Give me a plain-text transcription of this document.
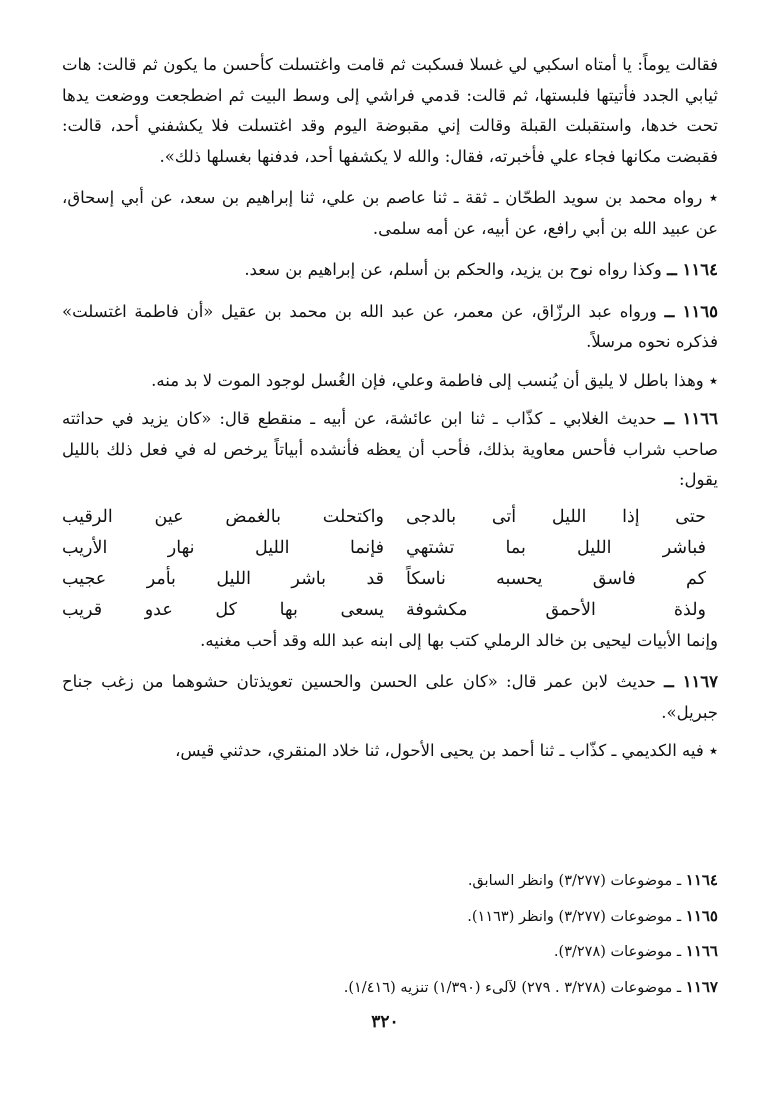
فقالت يوماً: يا أمتاه اسكبي لي غسلا فسكبت ثم قامت واغتسلت كأحسن ما يكون ثم قالت: هات ثيابي الجدد فأتيتها فلبستها، ثم قالت: قدمي فراشي إلى وسط البيت ثم اضطجعت ووضعت يدها تحت خدها، واستقبلت القبلة وقالت إني مقبوضة اليوم وقد اغتسلت فلا يكشفني أحد، قالت: فقبضت مكانها فجاء علي فأخبرته، فقال: والله لا يكشفها أحد، فدفنها بغسلها ذلك».

٭ رواه محمد بن سويد الطحّان ـ ثقة ـ ثنا عاصم بن علي، ثنا إبراهيم بن سعد، عن أبي إسحاق، عن عبيد الله بن أبي رافع، عن أبيه، عن أمه سلمى.

١١٦٤ ــ وكذا رواه نوح بن يزيد، والحكم بن أسلم، عن إبراهيم بن سعد.

١١٦٥ ــ ورواه عبد الرزّاق، عن معمر، عن عبد الله بن محمد بن عقيل «أن فاطمة اغتسلت» فذكره نحوه مرسلاً.

٭ وهذا باطل لا يليق أن يُنسب إلى فاطمة وعلي، فإن الغُسل لوجود الموت لا بد منه.

١١٦٦ ــ حديث الغلابي ـ كذّاب ـ ثنا ابن عائشة، عن أبيه ـ منقطع قال: «كان يزيد في حداثته صاحب شراب فأحس معاوية بذلك، فأحب أن يعظه فأنشده أبياتاً يرخص له في فعل ذلك بالليل يقول:

حتى إذا الليل أتى بالدجى
واكتحلت بالغمض عين الرقيب
فباشر الليل بما تشتهي
فإنما الليل نهار الأريب
كم فاسق يحسبه ناسكاً
قد باشر الليل بأمر عجيب
ولذة الأحمق مكشوفة
يسعى بها كل عدو قريب

وإنما الأبيات ليحيى بن خالد الرملي كتب بها إلى ابنه عبد الله وقد أحب مغنيه.

١١٦٧ ــ حديث لابن عمر قال: «كان على الحسن والحسين تعويذتان حشوهما من زغب جناح جبريل».

٭ فيه الكديمي ـ كذّاب ـ ثنا أحمد بن يحيى الأحول، ثنا خلاد المنقري، حدثني قيس،

١١٦٤ ـ موضوعات (٣/٢٧٧) وانظر السابق.

١١٦٥ ـ موضوعات (٣/٢٧٧) وانظر (١١٦٣).

١١٦٦ ـ موضوعات (٣/٢٧٨).

١١٦٧ ـ موضوعات (٣/٢٧٨ . ٢٧٩) لآلىء (١/٣٩٠) تنزيه (١/٤١٦).

٣٢٠
